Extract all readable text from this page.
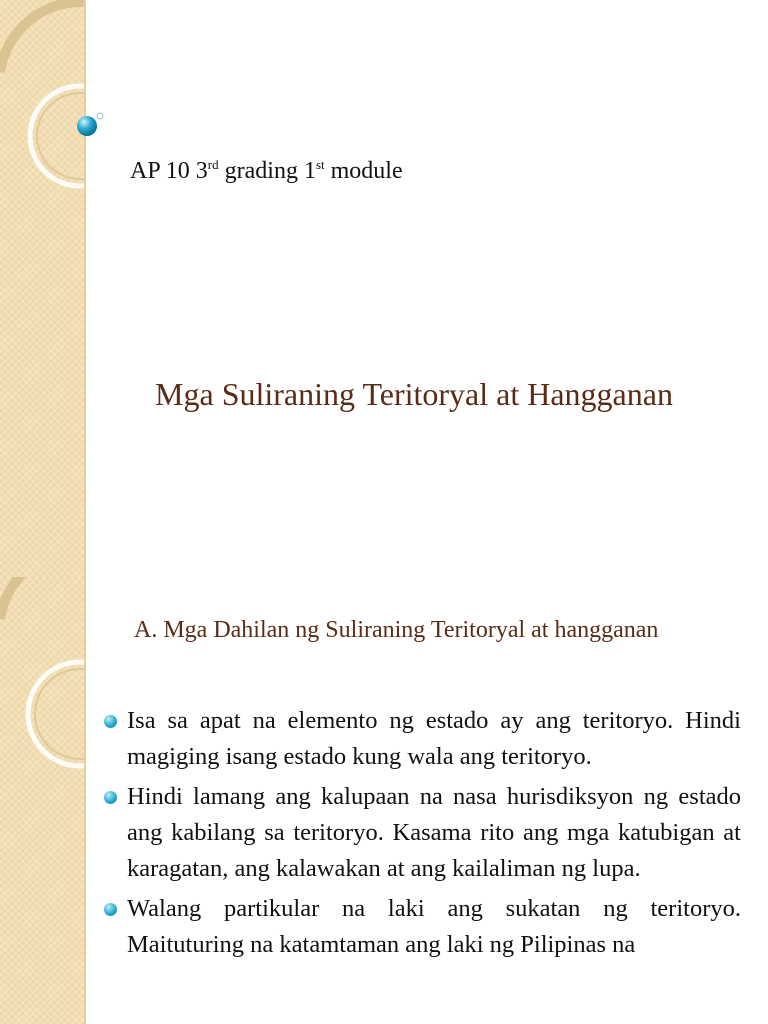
AP 10 3rd grading 1st module
Mga Suliraning Teritoryal at Hangganan
A. Mga Dahilan ng Suliraning Teritoryal at hangganan
Isa sa apat na elemento ng estado ay ang teritoryo. Hindi magiging isang estado kung wala ang teritoryo.
Hindi lamang ang kalupaan na nasa hurisdiksyon ng estado ang kabilang sa teritoryo. Kasama rito ang mga katubigan at karagatan, ang kalawakan at ang kailaliman ng lupa.
Walang partikular na laki ang sukatan ng teritoryo. Maituturing na katamtaman ang laki ng Pilipinas na
